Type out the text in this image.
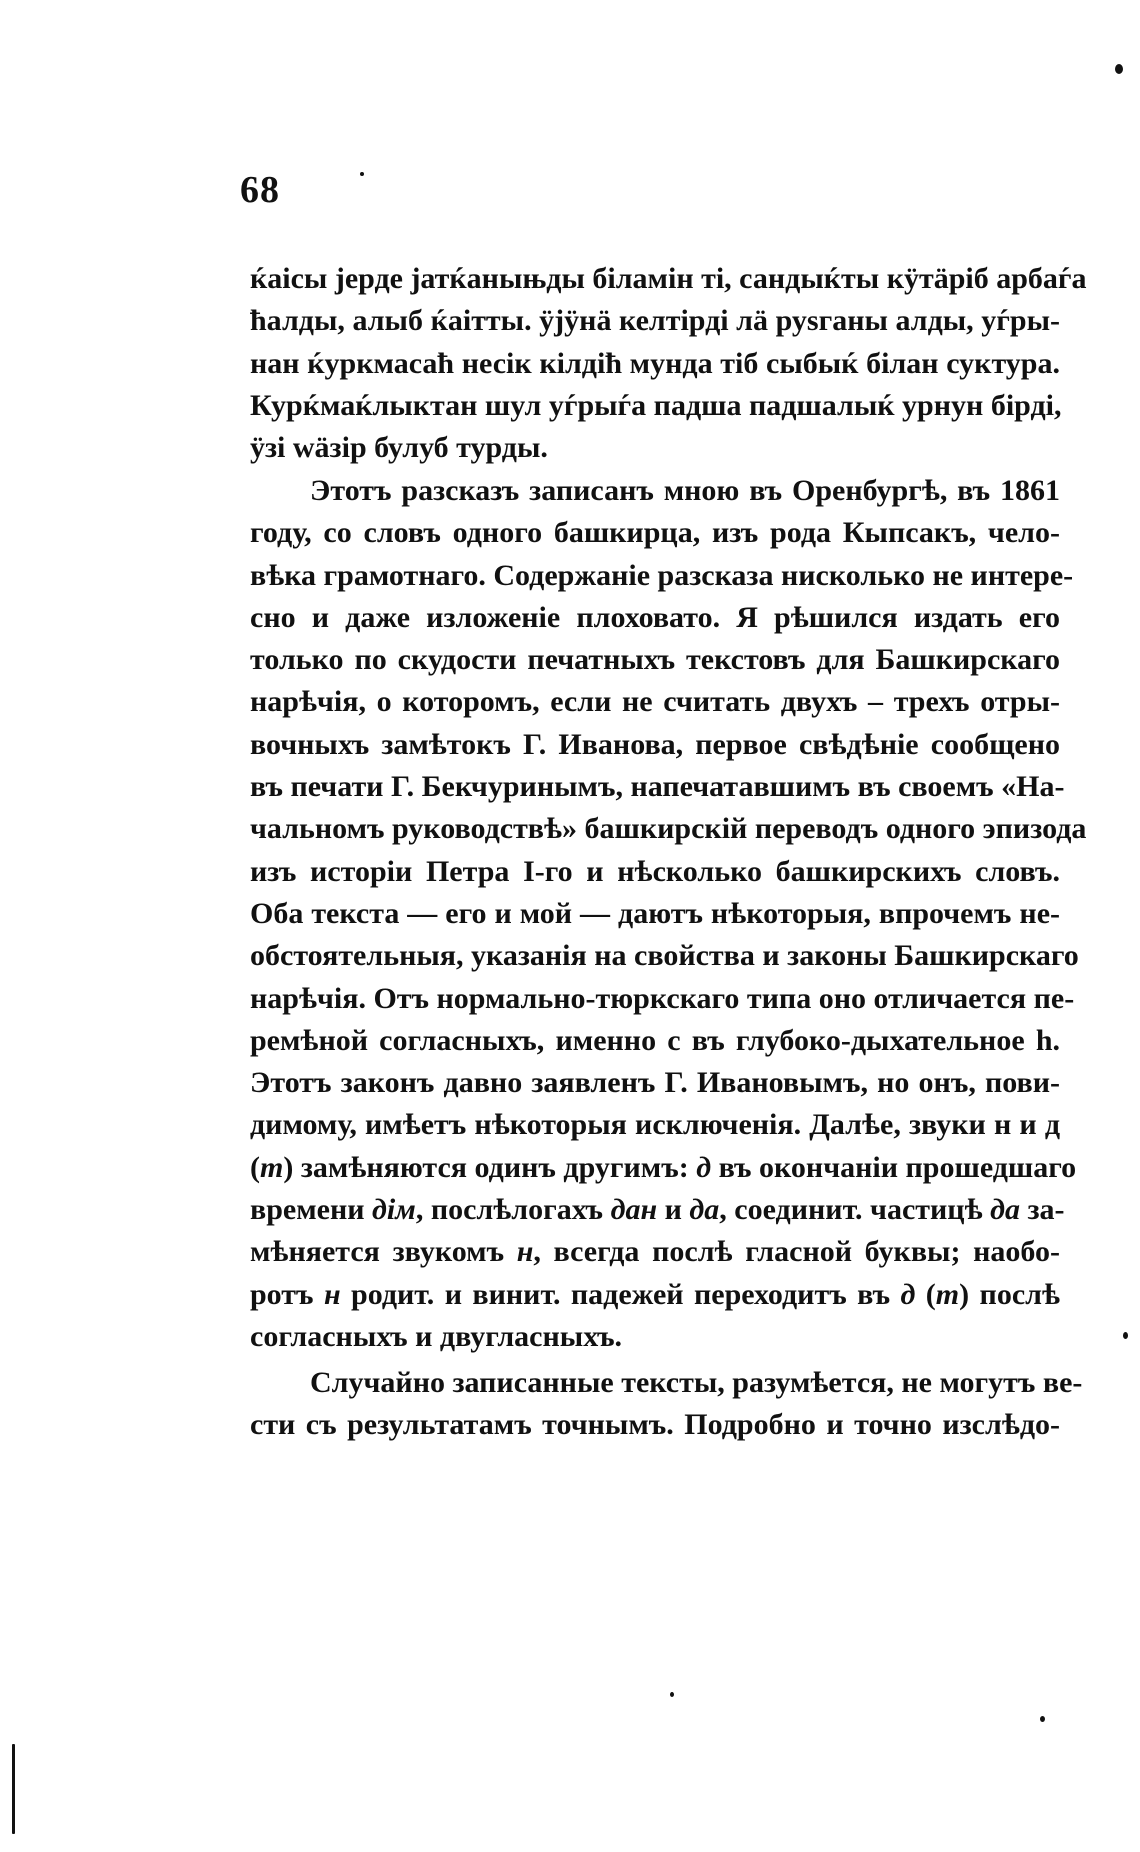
68
ќаісы јерде јатќаныњды біламін ті, сандыќты кӱтӓріб арбаѓа
ћалды, алыб ќаітты. ӱјӱнӓ келтірді лӓ руѕганы алды, уѓры-
нан ќуркмасаћ несік кілдіћ мунда тіб сыбыќ білан суктура.
Курќмаќлыктан шул уѓрыѓа падша падшалыќ урнун бірді,
ӱзі wӓзір булуб турды.
Этотъ разсказъ записанъ мною въ Оренбургѣ, въ 1861
году, со словъ одного башкирца, изъ рода Кыпсакъ, чело-
вѣка грамотнаго. Содержаніе разсказа нисколько не интере-
сно и даже изложеніе плоховато. Я рѣшился издать его
только по скудости печатныхъ текстовъ для Башкирскаго
нарѣчія, о которомъ, если не считать двухъ – трехъ отры-
вочныхъ замѣтокъ Г. Иванова, первое свѣдѣніе сообщено
въ печати Г. Бекчуринымъ, напечатавшимъ въ своемъ «На-
чальномъ руководствѣ» башкирскій переводъ одного эпизода
изъ исторіи Петра I-го и нѣсколько башкирскихъ словъ.
Оба текста — его и мой — даютъ нѣкоторыя, впрочемъ не-
обстоятельныя, указанія на свойства и законы Башкирскаго
нарѣчія. Отъ нормально-тюркскаго типа оно отличается пе-
ремѣной согласныхъ, именно с въ глубоко-дыхательное h.
Этотъ законъ давно заявленъ Г. Ивановымъ, но онъ, пови-
димому, имѣетъ нѣкоторыя исключенія. Далѣе, звуки н и д
(т) замѣняются одинъ другимъ: д въ окончаніи прошедшаго
времени дім, послѣлогахъ дан и да, соединит. частицѣ да за-
мѣняется звукомъ н, всегда послѣ гласной буквы; наобо-
ротъ н родит. и винит. падежей переходитъ въ д (т) послѣ
согласныхъ и двугласныхъ.
Случайно записанные тексты, разумѣется, не могутъ ве-
сти съ результатамъ точнымъ. Подробно и точно изслѣдо-
